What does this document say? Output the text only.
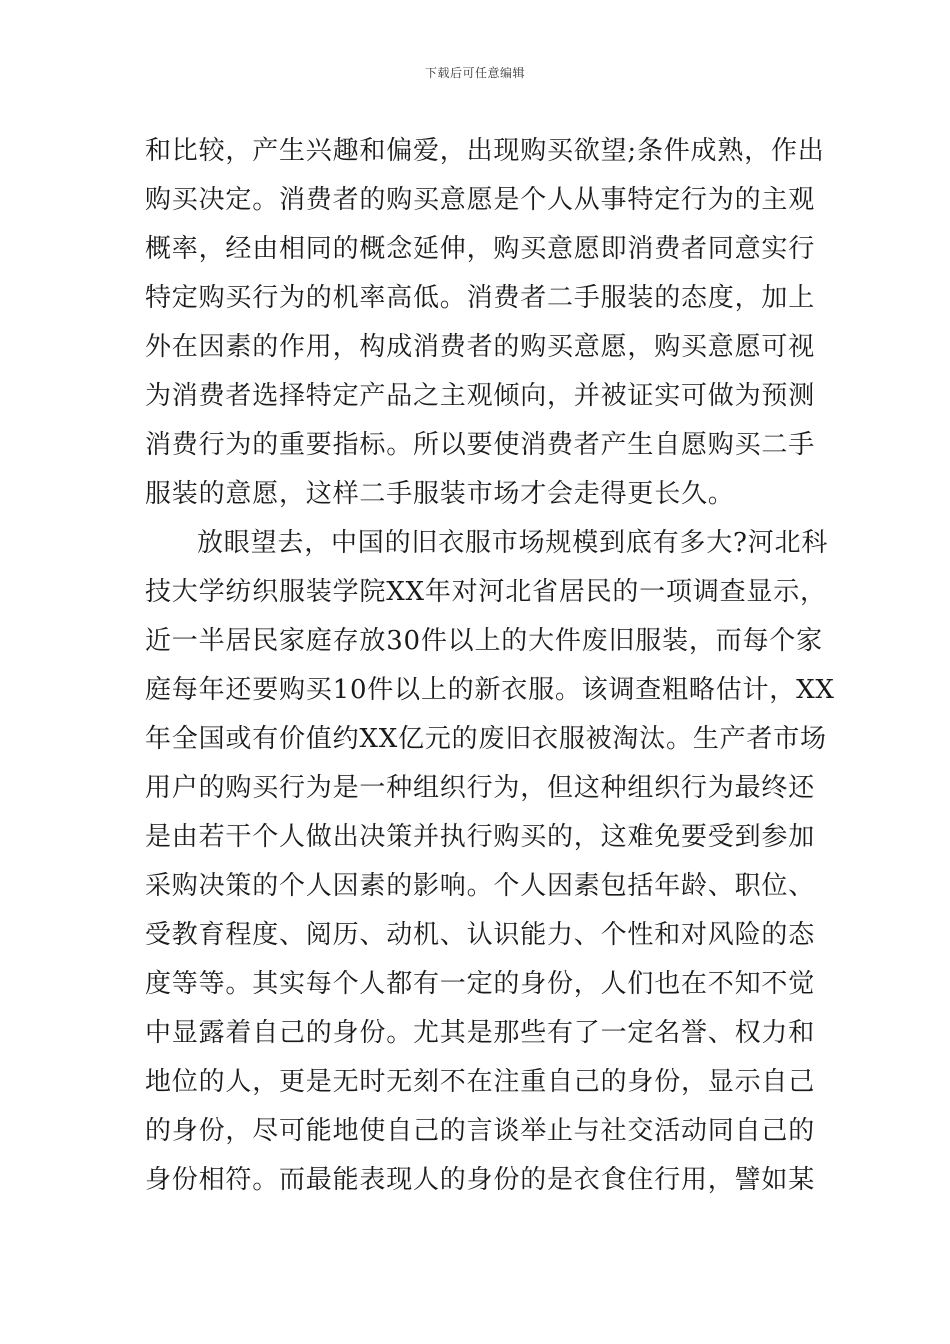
下载后可任意编辑
和比较，产生兴趣和偏爱，出现购买欲望;条件成熟，作出
购买决定。消费者的购买意愿是个人从事特定行为的主观
概率，经由相同的概念延伸，购买意愿即消费者同意实行
特定购买行为的机率高低。消费者二手服装的态度，加上
外在因素的作用，构成消费者的购买意愿，购买意愿可视
为消费者选择特定产品之主观倾向，并被证实可做为预测
消费行为的重要指标。所以要使消费者产生自愿购买二手
服装的意愿，这样二手服装市场才会走得更长久。
放眼望去，中国的旧衣服市场规模到底有多大?河北科
技大学纺织服装学院XX年对河北省居民的一项调查显示，
近一半居民家庭存放30件以上的大件废旧服装，而每个家
庭每年还要购买10件以上的新衣服。该调查粗略估计，XX
年全国或有价值约XX亿元的废旧衣服被淘汰。生产者市场
用户的购买行为是一种组织行为，但这种组织行为最终还
是由若干个人做出决策并执行购买的，这难免要受到参加
采购决策的个人因素的影响。个人因素包括年龄、职位、
受教育程度、阅历、动机、认识能力、个性和对风险的态
度等等。其实每个人都有一定的身份，人们也在不知不觉
中显露着自己的身份。尤其是那些有了一定名誉、权力和
地位的人，更是无时无刻不在注重自己的身份，显示自己
的身份，尽可能地使自己的言谈举止与社交活动同自己的
身份相符。而最能表现人的身份的是衣食住行用，譬如某
